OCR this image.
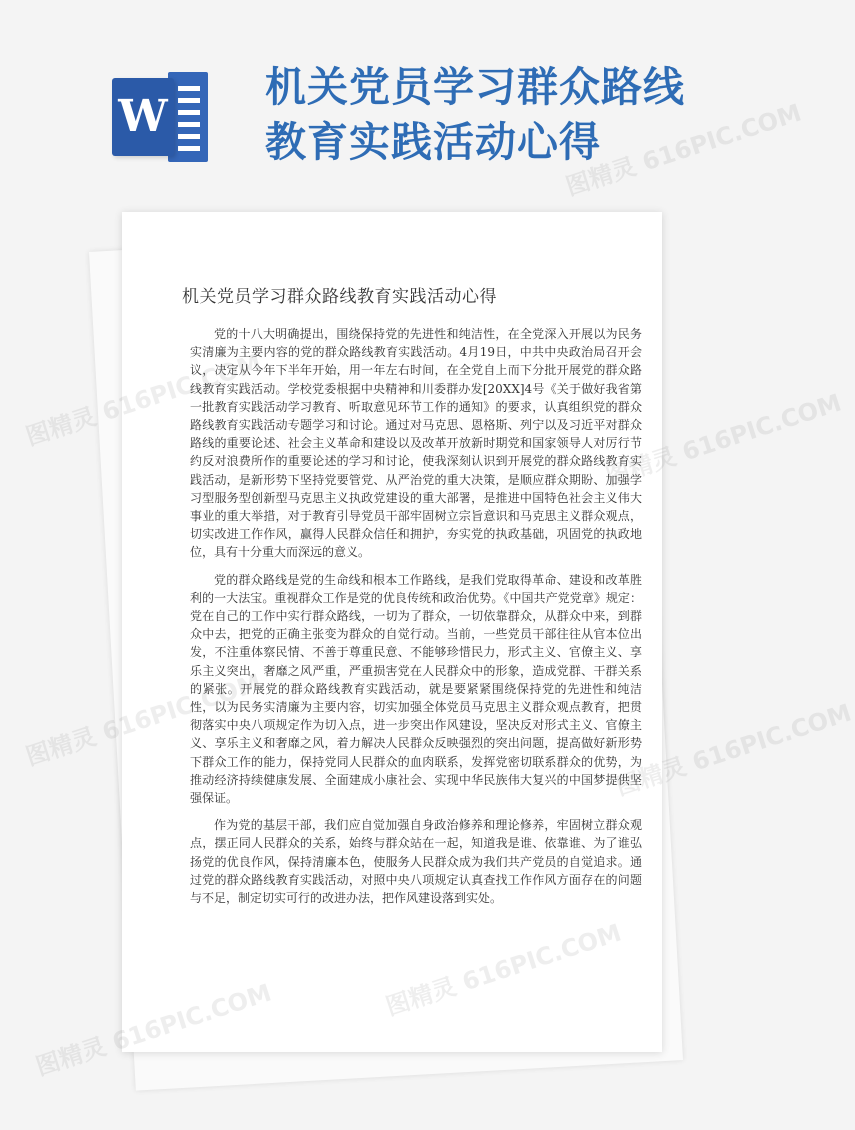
W
机关党员学习群众路线
教育实践活动心得
机关党员学习群众路线教育实践活动心得

党的十八大明确提出，围绕保持党的先进性和纯洁性，在全党深入开展以为民务实清廉为主要内容的党的群众路线教育实践活动。4月19日，中共中央政治局召开会议，决定从今年下半年开始，用一年左右时间，在全党自上而下分批开展党的群众路线教育实践活动。学校党委根据中央精神和川委群办发[20XX]4号《关于做好我省第一批教育实践活动学习教育、听取意见环节工作的通知》的要求，认真组织党的群众路线教育实践活动专题学习和讨论。通过对马克思、恩格斯、列宁以及习近平对群众路线的重要论述、社会主义革命和建设以及改革开放新时期党和国家领导人对厉行节约反对浪费所作的重要论述的学习和讨论，使我深刻认识到开展党的群众路线教育实践活动，是新形势下坚持党要管党、从严治党的重大决策，是顺应群众期盼、加强学习型服务型创新型马克思主义执政党建设的重大部署，是推进中国特色社会主义伟大事业的重大举措，对于教育引导党员干部牢固树立宗旨意识和马克思主义群众观点，切实改进工作作风，赢得人民群众信任和拥护，夯实党的执政基础，巩固党的执政地位，具有十分重大而深远的意义。

党的群众路线是党的生命线和根本工作路线，是我们党取得革命、建设和改革胜利的一大法宝。重视群众工作是党的优良传统和政治优势。《中国共产党党章》规定：党在自己的工作中实行群众路线，一切为了群众，一切依靠群众，从群众中来，到群众中去，把党的正确主张变为群众的自觉行动。当前，一些党员干部往往从官本位出发，不注重体察民情、不善于尊重民意、不能够珍惜民力，形式主义、官僚主义、享乐主义突出，奢靡之风严重，严重损害党在人民群众中的形象，造成党群、干群关系的紧张。开展党的群众路线教育实践活动，就是要紧紧围绕保持党的先进性和纯洁性，以为民务实清廉为主要内容，切实加强全体党员马克思主义群众观点教育，把贯彻落实中央八项规定作为切入点，进一步突出作风建设，坚决反对形式主义、官僚主义、享乐主义和奢靡之风，着力解决人民群众反映强烈的突出问题，提高做好新形势下群众工作的能力，保持党同人民群众的血肉联系，发挥党密切联系群众的优势，为推动经济持续健康发展、全面建成小康社会、实现中华民族伟大复兴的中国梦提供坚强保证。

作为党的基层干部，我们应自觉加强自身政治修养和理论修养，牢固树立群众观点，摆正同人民群众的关系，始终与群众站在一起，知道我是谁、依靠谁、为了谁弘扬党的优良作风，保持清廉本色，使服务人民群众成为我们共产党员的自觉追求。通过党的群众路线教育实践活动，对照中央八项规定认真查找工作作风方面存在的问题与不足，制定切实可行的改进办法，把作风建设落到实处。

图精灵 616PIC.COM
图精灵	图精灵 616PIC.COM
图精灵	图精灵 616PIC.COM
图精灵
